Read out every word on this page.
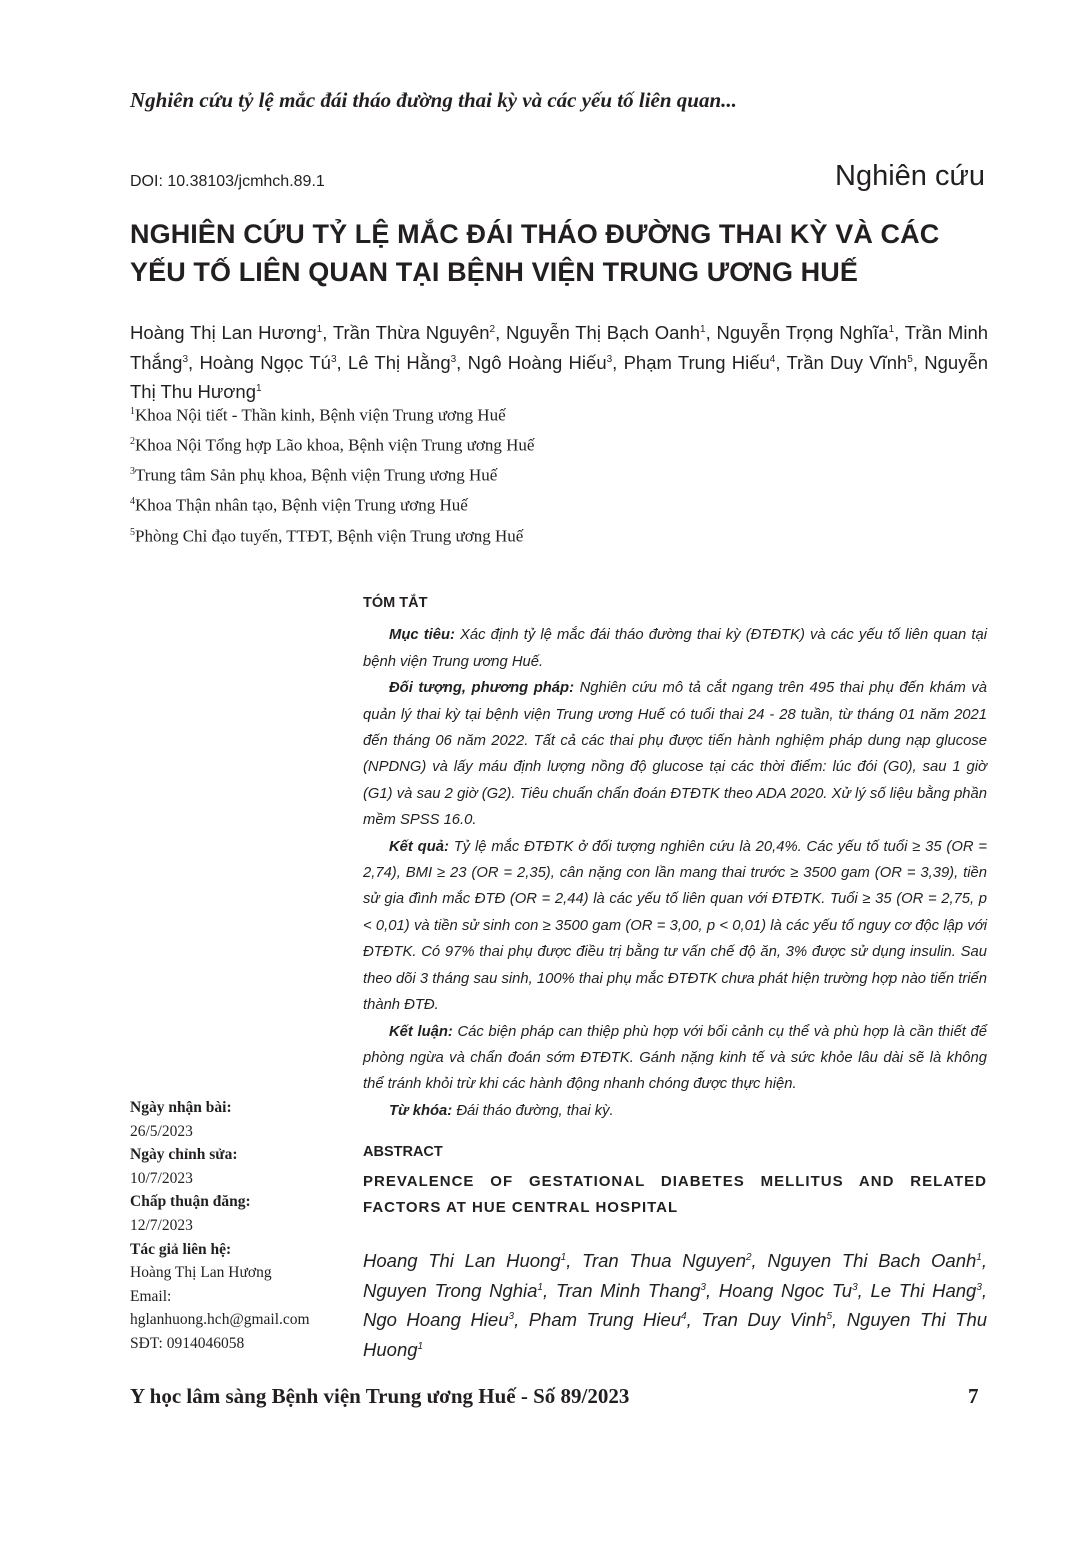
Nghiên cứu tỷ lệ mắc đái tháo đường thai kỳ và các yếu tố liên quan...
DOI: 10.38103/jcmhch.89.1	Nghiên cứu
NGHIÊN CỨU TỶ LỆ MẮC ĐÁI THÁO ĐƯỜNG THAI KỲ VÀ CÁC YẾU TỐ LIÊN QUAN TẠI BỆNH VIỆN TRUNG ƯƠNG HUẾ
Hoàng Thị Lan Hương$^1$, Trần Thừa Nguyên$^2$, Nguyễn Thị Bạch Oanh$^1$, Nguyễn Trọng Nghĩa$^1$, Trần Minh Thắng$^3$, Hoàng Ngọc $Tú^3$, Lê Thị Hằng$^3$, Ngô Hoàng Hiếu$^3$, Phạm Trung Hiếu$^4$, Trần Duy Vĩnh$^5$, Nguyễn Thị Thu Hương$^1$
$^1$Khoa Nội tiết - Thần kinh, Bệnh viện Trung ương Huế
$^2$Khoa Nội Tổng hợp Lão khoa, Bệnh viện Trung ương Huế
$^3$Trung tâm Sản phụ khoa, Bệnh viện Trung ương Huế
$^4$Khoa Thận nhân tạo, Bệnh viện Trung ương Huế
$^5$Phòng Chỉ đạo tuyến, TTĐT, Bệnh viện Trung ương Huế
TÓM TẮT

Mục tiêu: Xác định tỷ lệ mắc đái tháo đường thai kỳ (ĐTĐTK) và các yếu tố liên quan tại bệnh viện Trung ương Huế.

Đối tượng, phương pháp: Nghiên cứu mô tả cắt ngang trên 495 thai phụ đến khám và quản lý thai kỳ tại bệnh viện Trung ương Huế có tuổi thai 24 - 28 tuần, từ tháng 01 năm 2021 đến tháng 06 năm 2022. Tất cả các thai phụ được tiến hành nghiệm pháp dung nạp glucose (NPDNG) và lấy máu định lượng nồng độ glucose tại các thời điểm: lúc đói (G0), sau 1 giờ (G1) và sau 2 giờ (G2). Tiêu chuẩn chẩn đoán ĐTĐTK theo ADA 2020. Xử lý số liệu bằng phần mềm SPSS 16.0.

Kết quả: Tỷ lệ mắc ĐTĐTK ở đối tượng nghiên cứu là 20,4%. Các yếu tố tuổi ≥ 35 (OR = 2,74), BMI ≥ 23 (OR = 2,35), cân nặng con lần mang thai trước ≥ 3500 gam (OR = 3,39), tiền sử gia đình mắc ĐTĐ (OR = 2,44) là các yếu tố liên quan với ĐTĐTK. Tuổi ≥ 35 (OR = 2,75, p < 0,01) và tiền sử sinh con ≥ 3500 gam (OR = 3,00, p < 0,01) là các yếu tố nguy cơ độc lập với ĐTĐTK. Có 97% thai phụ được điều trị bằng tư vấn chế độ ăn, 3% được sử dụng insulin. Sau theo dõi 3 tháng sau sinh, 100% thai phụ mắc ĐTĐTK chưa phát hiện trường hợp nào tiến triển thành ĐTĐ.

Kết luận: Các biện pháp can thiệp phù hợp với bối cảnh cụ thể và phù hợp là cần thiết để phòng ngừa và chẩn đoán sớm ĐTĐTK. Gánh nặng kinh tế và sức khỏe lâu dài sẽ là không thể tránh khỏi trừ khi các hành động nhanh chóng được thực hiện.

Từ khóa: Đái tháo đường, thai kỳ.

Ngày nhận bài:
26/5/2023
Ngày chỉnh sửa:
10/7/2023
Chấp thuận đăng:
12/7/2023
Tác giả liên hệ:
Hoàng Thị Lan Hương
Email:
hglanhuong.hch@gmail.com
SĐT: 0914046058
ABSTRACT
PREVALENCE OF GESTATIONAL DIABETES MELLITUS AND RELATED FACTORS AT HUE CENTRAL HOSPITAL
Hoang Thi Lan Huong$^1$, Tran Thua Nguyen$^2$, Nguyen Thi Bach Oanh$^1$, Nguyen Trong Nghia$^1$, Tran Minh Thang$^3$, Hoang Ngoc Tu$^3$, Le Thi Hang$^3$, Ngo Hoang Hieu$^3$, Pham Trung Hieu$^4$, Tran Duy Vinh$^5$, Nguyen Thi Thu Huong$^1$
Y học lâm sàng Bệnh viện Trung ương Huế - Số 89/2023	7
